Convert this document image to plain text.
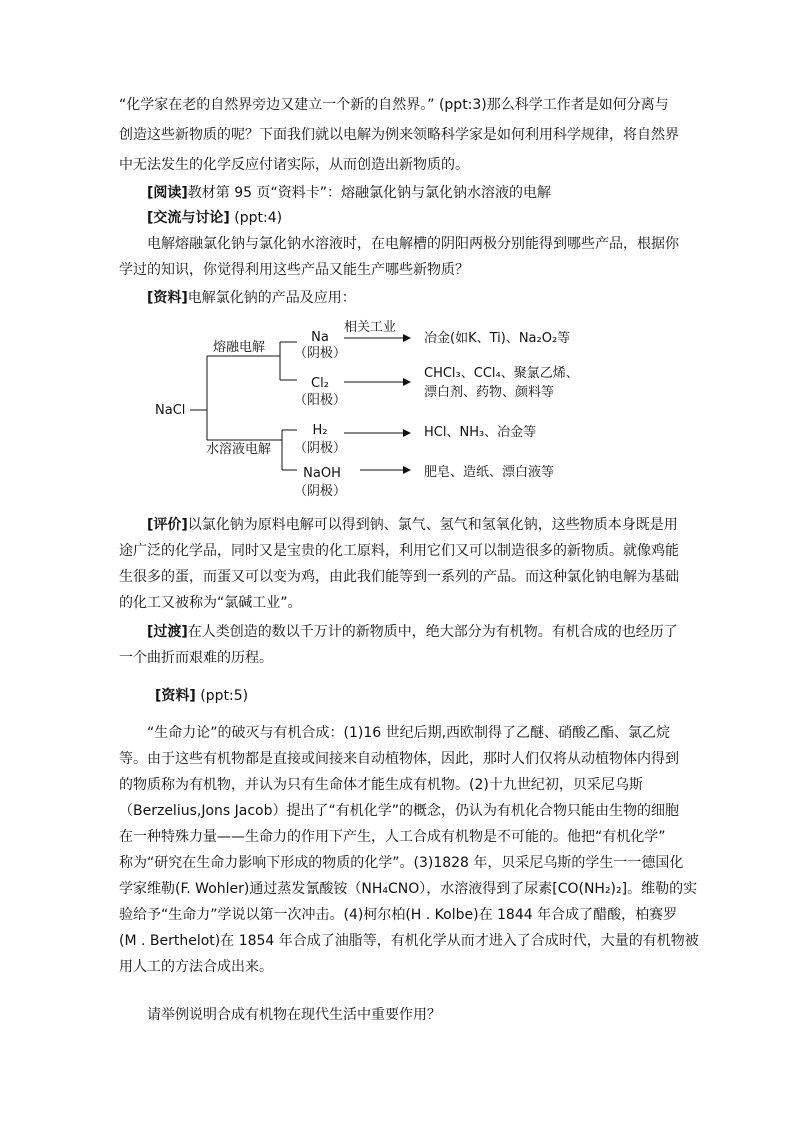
“化学家在老的自然界旁边又建立一个新的自然界。” (ppt:3)那么科学工作者是如何分离与
创造这些新物质的呢？下面我们就以电解为例来领略科学家是如何利用科学规律，将自然界
中无法发生的化学反应付诸实际，从而创造出新物质的。
[阅读]教材第 95 页“资料卡”：熔融氯化钠与氯化钠水溶液的电解
[交流与讨论] (ppt:4)
电解熔融氯化钠与氯化钠水溶液时，在电解槽的阴阳两极分别能得到哪些产品，根据你
学过的知识，你觉得利用这些产品又能生产哪些新物质？
[资料]电解氯化钠的产品及应用：
NaCl
熔融电解
水溶液电解
相关工业
Na
（阴极）
冶金(如K、Ti)、Na₂O₂等
Cl₂
（阳极）
CHCl₃、CCl₄、聚氯乙烯、
漂白剂、药物、颜料等
H₂
（阴极）
HCl、NH₃、冶金等
NaOH
（阴极）
肥皂、造纸、漂白液等
[评价]以氯化钠为原料电解可以得到钠、氯气、氢气和氢氧化钠，这些物质本身既是用
途广泛的化学品，同时又是宝贵的化工原料，利用它们又可以制造很多的新物质。就像鸡能
生很多的蛋，而蛋又可以变为鸡，由此我们能等到一系列的产品。而这种氯化钠电解为基础
的化工又被称为“氯碱工业”。
[过渡]在人类创造的数以千万计的新物质中，绝大部分为有机物。有机合成的也经历了
一个曲折而艰难的历程。
[资料] (ppt:5)
“生命力论”的破灭与有机合成：(1)16 世纪后期,西欧制得了乙醚、硝酸乙酯、氯乙烷
等。由于这些有机物都是直接或间接来自动植物体，因此，那时人们仅将从动植物体内得到
的物质称为有机物，并认为只有生命体才能生成有机物。(2)十九世纪初，贝采尼乌斯
（Berzelius,Jons Jacob）提出了“有机化学”的概念，仍认为有机化合物只能由生物的细胞
在一种特殊力量——生命力的作用下产生，人工合成有机物是不可能的。他把“有机化学”
称为“研究在生命力影响下形成的物质的化学”。(3)1828 年，贝采尼乌斯的学生一一德国化
学家维勒(F. Wohler)通过蒸发氰酸铵（NH₄CNO），水溶液得到了尿素[CO(NH₂)₂]。维勒的实
验给予“生命力”学说以第一次冲击。(4)柯尔柏(H . Kolbe)在 1844 年合成了醋酸，柏赛罗
(M . Berthelot)在 1854 年合成了油脂等，有机化学从而才进入了合成时代，大量的有机物被
用人工的方法合成出来。
请举例说明合成有机物在现代生活中重要作用？
